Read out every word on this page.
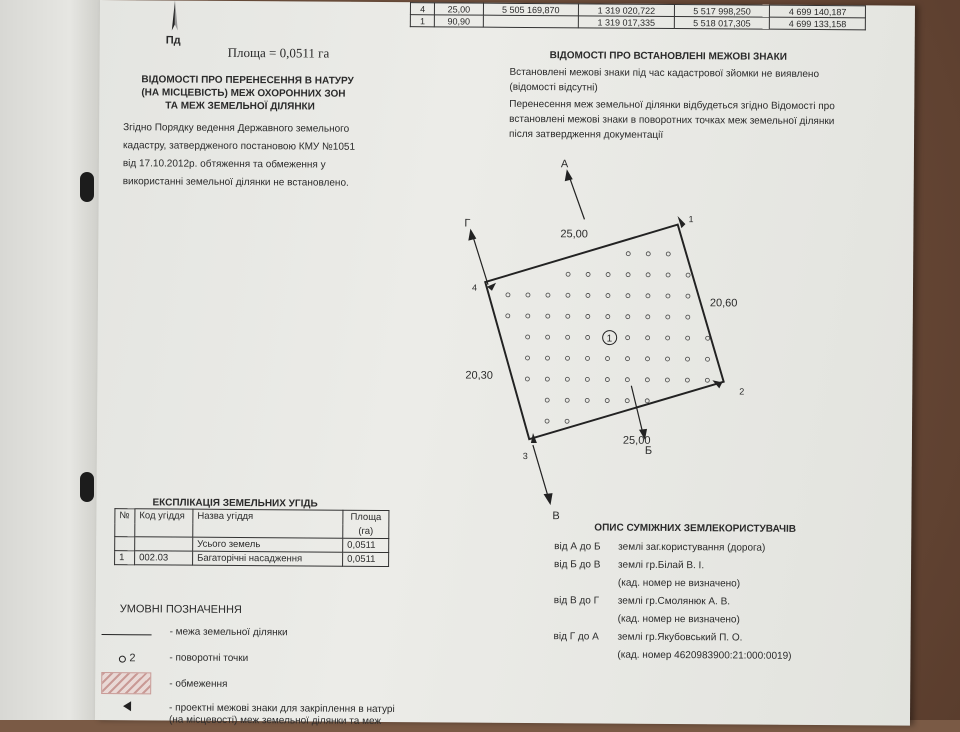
4	25,00	5 505 169,870	1 319 020,722	5 517 998,250	4 699 140,187
1	90,90		1 319 017,335	5 518 017,305	4 699 133,158
Пд
Площа = 0,0511 га
ВІДОМОСТІ ПРО ПЕРЕНЕСЕННЯ В НАТУРУ
(НА МІСЦЕВІСТЬ) МЕЖ ОХОРОННИХ ЗОН
ТА МЕЖ ЗЕМЕЛЬНОЇ ДІЛЯНКИ
Згідно Порядку ведення Державного земельного
кадастру, затвердженого постановою КМУ №1051
від 17.10.2012р. обтяження та обмеження у
використанні земельної ділянки не встановлено.
ВІДОМОСТІ ПРО ВСТАНОВЛЕНІ МЕЖОВІ ЗНАКИ
Встановлені межові знаки під час кадастрової зйомки не виявлено
(відомості відсутні)
Перенесення меж земельної ділянки відбудеться згідно Відомості про
встановлені межові знаки в поворотних точках меж земельної ділянки
після затвердження документації
А
Б
В
Г	1
2
3
4
25,00
20,60
25,00
20,30
1
ЕКСПЛІКАЦІЯ ЗЕМЕЛЬНИХ УГІДЬ
№	Код угіддя	Назва угіддя	Площа
			(га)
		Усього земель	0,0511
1	002.03	Багаторічні насадження	0,0511
УМОВНІ ПОЗНАЧЕННЯ
- межа земельної ділянки
2	- поворотні точки
- обмеження
- проектні межові знаки для закріплення в натурі
(на місцевості) меж земельної ділянки та меж
ОПИС СУМІЖНИХ ЗЕМЛЕКОРИСТУВАЧІВ
від А до Б землі заг.користування (дорога)
від Б до В землі гр.Білай В. І.
(кад. номер не визначено)
від В до Г землі гр.Смолянюк А. В.
(кад. номер не визначено)
від Г до А землі гр.Якубовський П. О.
(кад. номер 4620983900:21:000:0019)
